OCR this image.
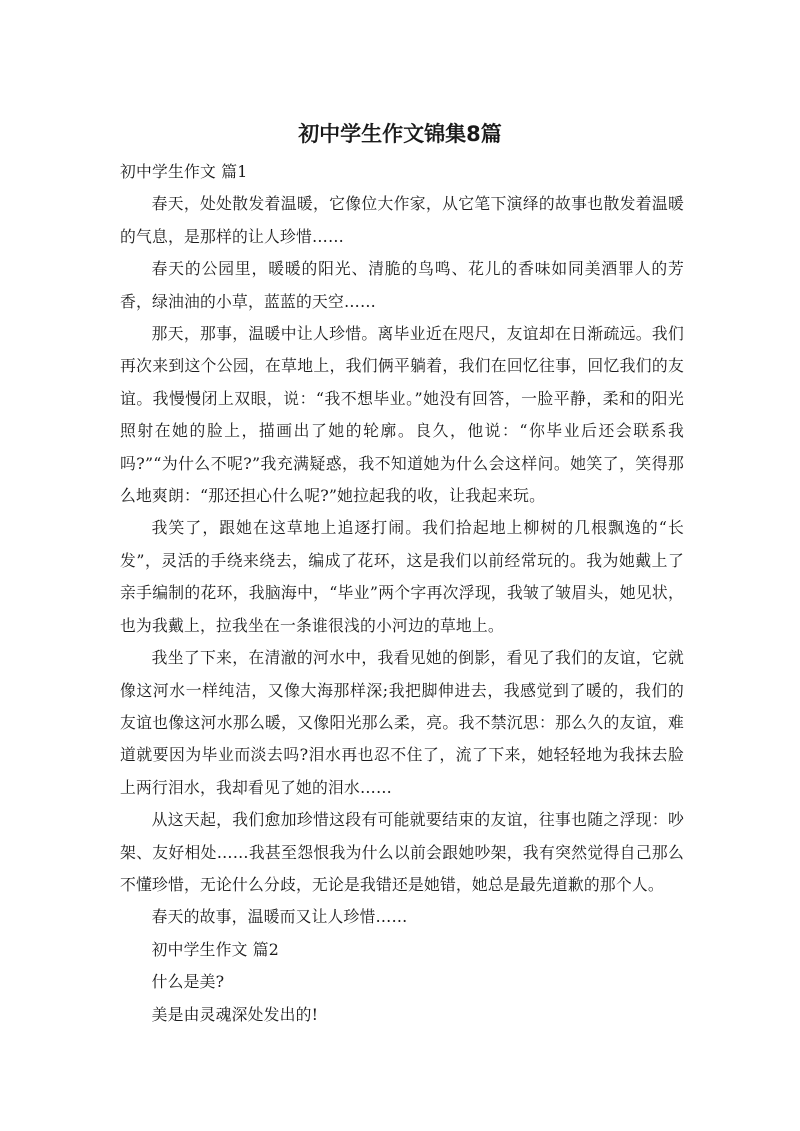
初中学生作文锦集8篇

初中学生作文 篇1

春天，处处散发着温暖，它像位大作家，从它笔下演绎的故事也散发着温暖的气息，是那样的让人珍惜……

春天的公园里，暖暖的阳光、清脆的鸟鸣、花儿的香味如同美酒罪人的芳香，绿油油的小草，蓝蓝的天空……

那天，那事，温暖中让人珍惜。离毕业近在咫尺，友谊却在日渐疏远。我们再次来到这个公园，在草地上，我们俩平躺着，我们在回忆往事，回忆我们的友谊。我慢慢闭上双眼，说：“我不想毕业。”她没有回答，一脸平静，柔和的阳光照射在她的脸上，描画出了她的轮廓。良久，他说：“你毕业后还会联系我吗?”“为什么不呢?”我充满疑惑，我不知道她为什么会这样问。她笑了，笑得那么地爽朗：“那还担心什么呢?”她拉起我的收，让我起来玩。

我笑了，跟她在这草地上追逐打闹。我们拾起地上柳树的几根飘逸的“长发”，灵活的手绕来绕去，编成了花环，这是我们以前经常玩的。我为她戴上了亲手编制的花环，我脑海中，“毕业”两个字再次浮现，我皱了皱眉头，她见状，也为我戴上，拉我坐在一条谁很浅的小河边的草地上。

我坐了下来，在清澈的河水中，我看见她的倒影，看见了我们的友谊，它就像这河水一样纯洁，又像大海那样深;我把脚伸进去，我感觉到了暖的，我们的友谊也像这河水那么暖，又像阳光那么柔，亮。我不禁沉思：那么久的友谊，难道就要因为毕业而淡去吗?泪水再也忍不住了，流了下来，她轻轻地为我抹去脸上两行泪水，我却看见了她的泪水……

从这天起，我们愈加珍惜这段有可能就要结束的友谊，往事也随之浮现：吵架、友好相处……我甚至怨恨我为什么以前会跟她吵架，我有突然觉得自己那么不懂珍惜，无论什么分歧，无论是我错还是她错，她总是最先道歉的那个人。

春天的故事，温暖而又让人珍惜……

初中学生作文 篇2

什么是美?

美是由灵魂深处发出的!
